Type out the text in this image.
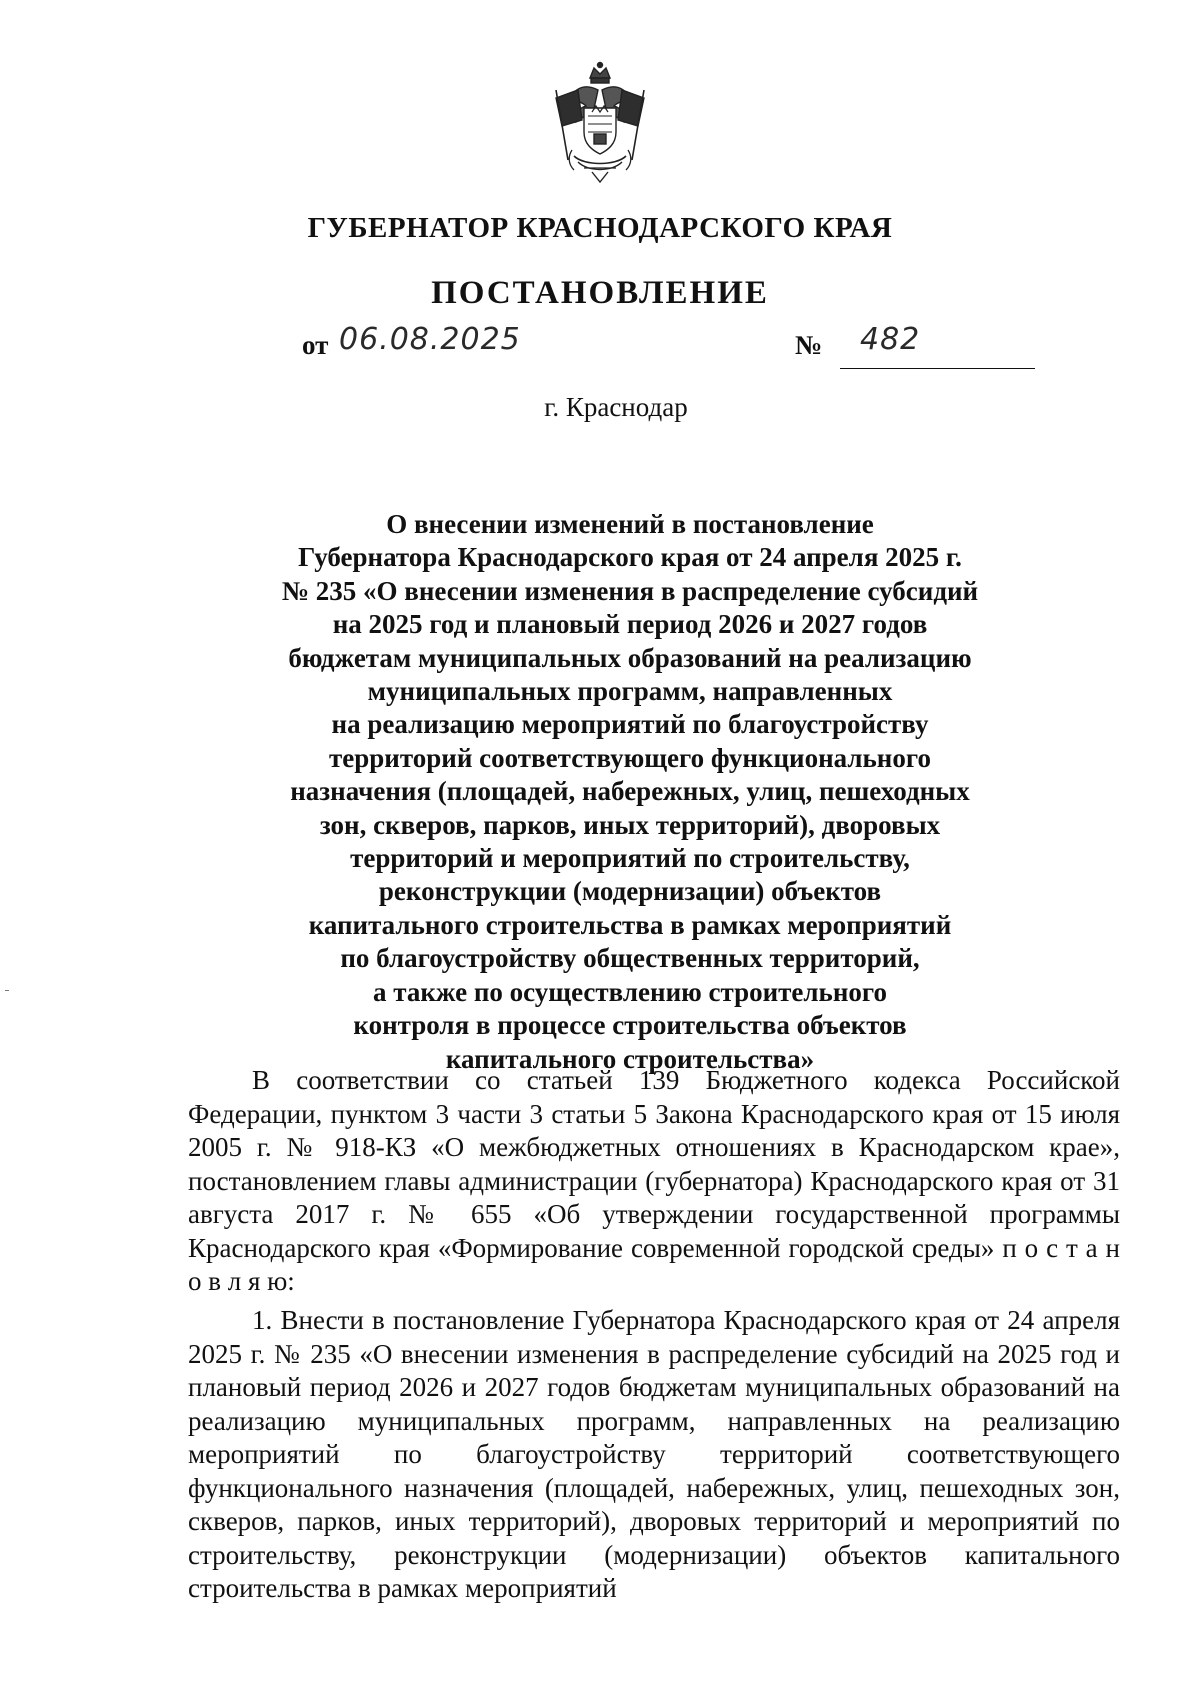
ГУБЕРНАТОР КРАСНОДАРСКОГО КРАЯ
ПОСТАНОВЛЕНИЕ
от 06.08.2025	№ 482
г. Краснодар

О внесении изменений в постановление
Губернатора Краснодарского края от 24 апреля 2025 г.
№ 235 «О внесении изменения в распределение субсидий
на 2025 год и плановый период 2026 и 2027 годов
бюджетам муниципальных образований на реализацию
муниципальных программ, направленных
на реализацию мероприятий по благоустройству
территорий соответствующего функционального
назначения (площадей, набережных, улиц, пешеходных
зон, скверов, парков, иных территорий), дворовых
территорий и мероприятий по строительству,
реконструкции (модернизации) объектов
капитального строительства в рамках мероприятий
по благоустройству общественных территорий,
а также по осуществлению строительного
контроля в процессе строительства объектов
капитального строительства»

В соответствии со статьей 139 Бюджетного кодекса Российской Федерации, пунктом 3 части 3 статьи 5 Закона Краснодарского края от 15 июля 2005 г. № 918-КЗ «О межбюджетных отношениях в Краснодарском крае», постановлением главы администрации (губернатора) Краснодарского края от 31 августа 2017 г. № 655 «Об утверждении государственной программы Краснодарского края «Формирование современной городской среды» п о с т а н о в л я ю:

1. Внести в постановление Губернатора Краснодарского края от 24 апреля 2025 г. № 235 «О внесении изменения в распределение субсидий на 2025 год и плановый период 2026 и 2027 годов бюджетам муниципальных образований на реализацию муниципальных программ, направленных на реализацию мероприятий по благоустройству территорий соответствующего функционального назначения (площадей, набережных, улиц, пешеходных зон, скверов, парков, иных территорий), дворовых территорий и мероприятий по строительству, реконструкции (модернизации) объектов капитального строительства в рамках мероприятий
